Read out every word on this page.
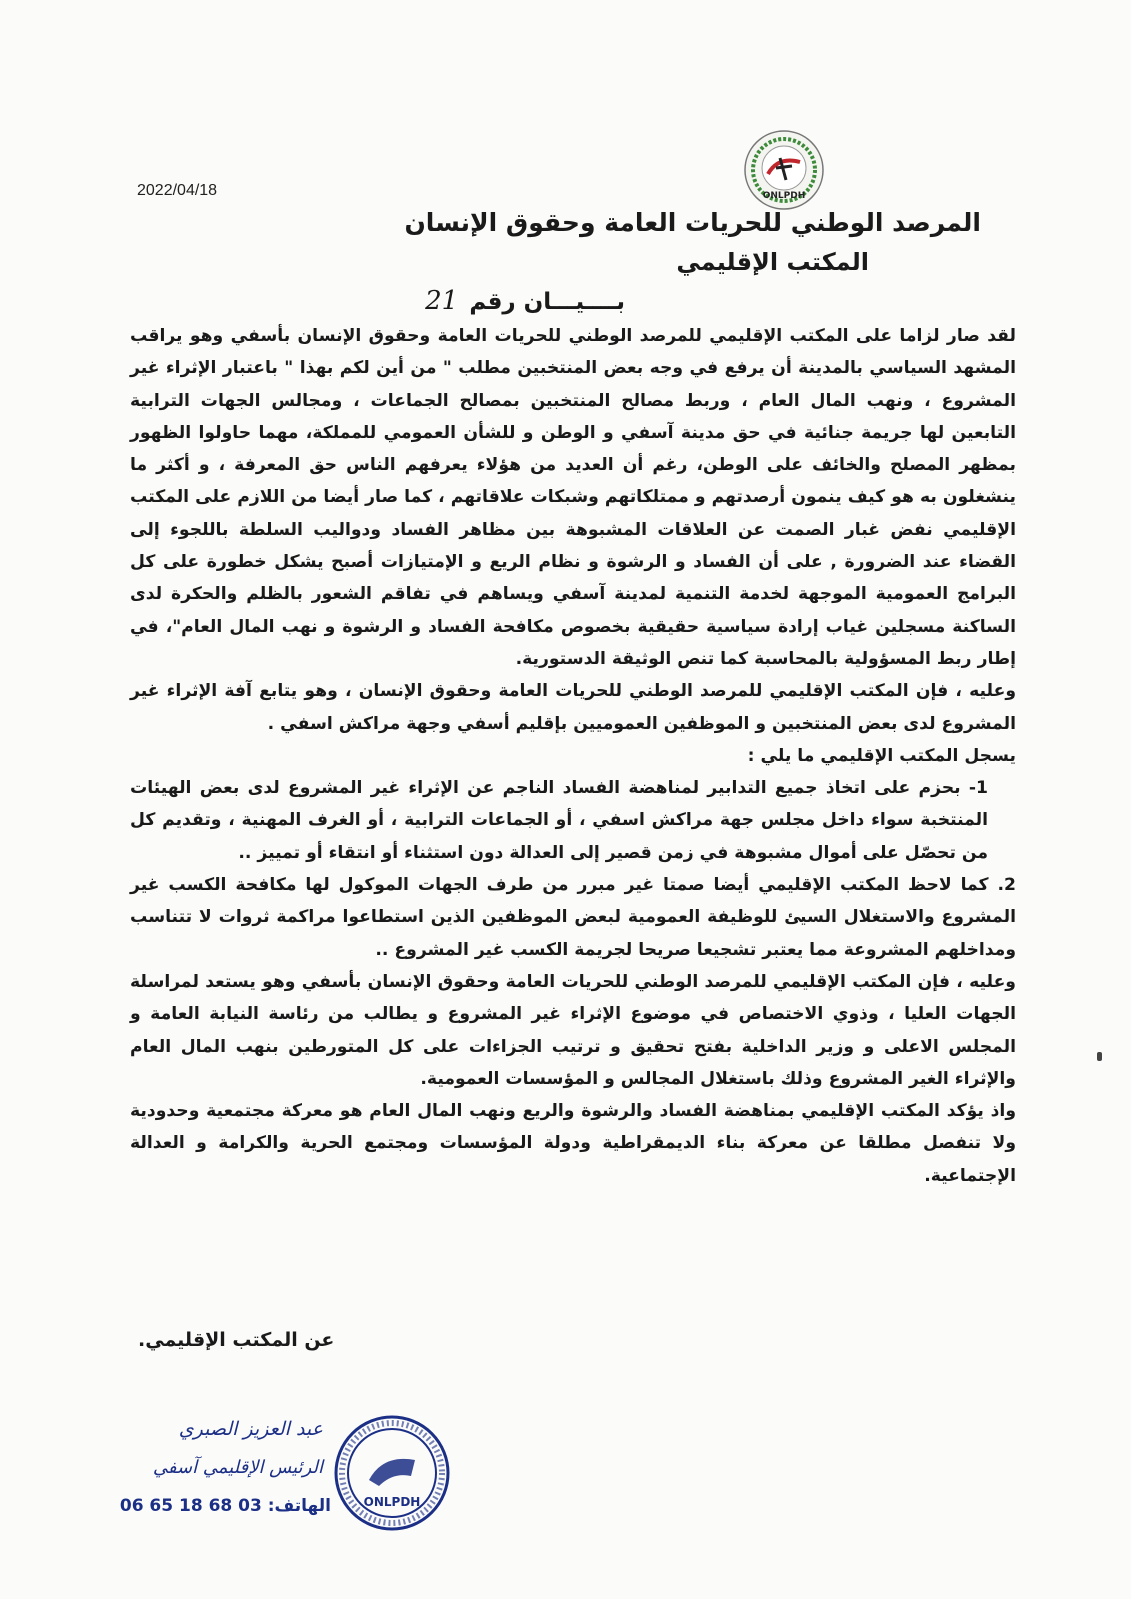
ONLPDH
2022/04/18
المرصد الوطني للحريات العامة وحقوق الإنسان
المكتب الإقليمي
بــــيـــان رقم 21

لقد صار لزاما على المكتب الإقليمي للمرصد الوطني للحريات العامة وحقوق الإنسان بأسفي وهو يراقب المشهد السياسي بالمدينة أن يرفع في وجه بعض المنتخبين مطلب " من أين لكم بهذا " باعتبار الإثراء غير المشروع ، ونهب المال العام ، وربط مصالح المنتخبين بمصالح الجماعات ، ومجالس الجهات الترابية التابعين لها جريمة جنائية في حق مدينة آسفي و الوطن و للشأن العمومي للمملكة، مهما حاولوا الظهور بمظهر المصلح والخائف على الوطن، رغم أن العديد من هؤلاء يعرفهم الناس حق المعرفة ، و أكثر ما ينشغلون به هو كيف ينمون أرصدتهم و ممتلكاتهم وشبكات علاقاتهم ، كما صار أيضا من اللازم على المكتب الإقليمي نفض غبار الصمت عن العلاقات المشبوهة بين مظاهر الفساد ودواليب السلطة باللجوء إلى القضاء عند الضرورة , على أن الفساد و الرشوة و نظام الريع و الإمتيازات أصبح يشكل خطورة على كل البرامج العمومية الموجهة لخدمة التنمية لمدينة آسفي ويساهم في تفاقم الشعور بالظلم والحكرة لدى الساكنة مسجلين غياب إرادة سياسية حقيقية بخصوص مكافحة الفساد و الرشوة و نهب المال العام"، في إطار ربط المسؤولية بالمحاسبة كما تنص الوثيقة الدستورية.

وعليه ، فإن المكتب الإقليمي للمرصد الوطني للحريات العامة وحقوق الإنسان ، وهو يتابع آفة الإثراء غير المشروع لدى بعض المنتخبين و الموظفين العموميين بإقليم أسفي وجهة مراكش اسفي .

يسجل المكتب الإقليمي ما يلي :

1- بحزم على اتخاذ جميع التدابير لمناهضة الفساد الناجم عن الإثراء غير المشروع لدى بعض الهيئات المنتخبة سواء داخل مجلس جهة مراكش اسفي ، أو الجماعات الترابية ، أو الغرف المهنية ، وتقديم كل من تحصّل على أموال مشبوهة في زمن قصير إلى العدالة دون استثناء أو انتقاء أو تمييز ..

2. كما لاحظ المكتب الإقليمي أيضا صمتا غير مبرر من طرف الجهات الموكول لها مكافحة الكسب غير المشروع والاستغلال السيئ للوظيفة العمومية لبعض الموظفين الذين استطاعوا مراكمة ثروات لا تتناسب ومداخلهم المشروعة مما يعتبر تشجيعا صريحا لجريمة الكسب غير المشروع ..

وعليه ، فإن المكتب الإقليمي للمرصد الوطني للحريات العامة وحقوق الإنسان بأسفي وهو يستعد لمراسلة الجهات العليا ، وذوي الاختصاص في موضوع الإثراء غير المشروع و يطالب من رئاسة النيابة العامة و المجلس الاعلى و وزير الداخلية بفتح تحقيق و ترتيب الجزاءات على كل المتورطين بنهب المال العام والإثراء الغير المشروع وذلك باستغلال المجالس و المؤسسات العمومية.

واذ يؤكد المكتب الإقليمي بمناهضة الفساد والرشوة والريع ونهب المال العام هو معركة مجتمعية وحدودية ولا تنفصل مطلقا عن معركة بناء الديمقراطية ودولة المؤسسات ومجتمع الحرية والكرامة و العدالة الإجتماعية.

عن المكتب الإقليمي.
ONLPDH
عبد العزيز الصبري
الرئيس الإقليمي آسفي
06 65 18 68 03 :الهاتف
